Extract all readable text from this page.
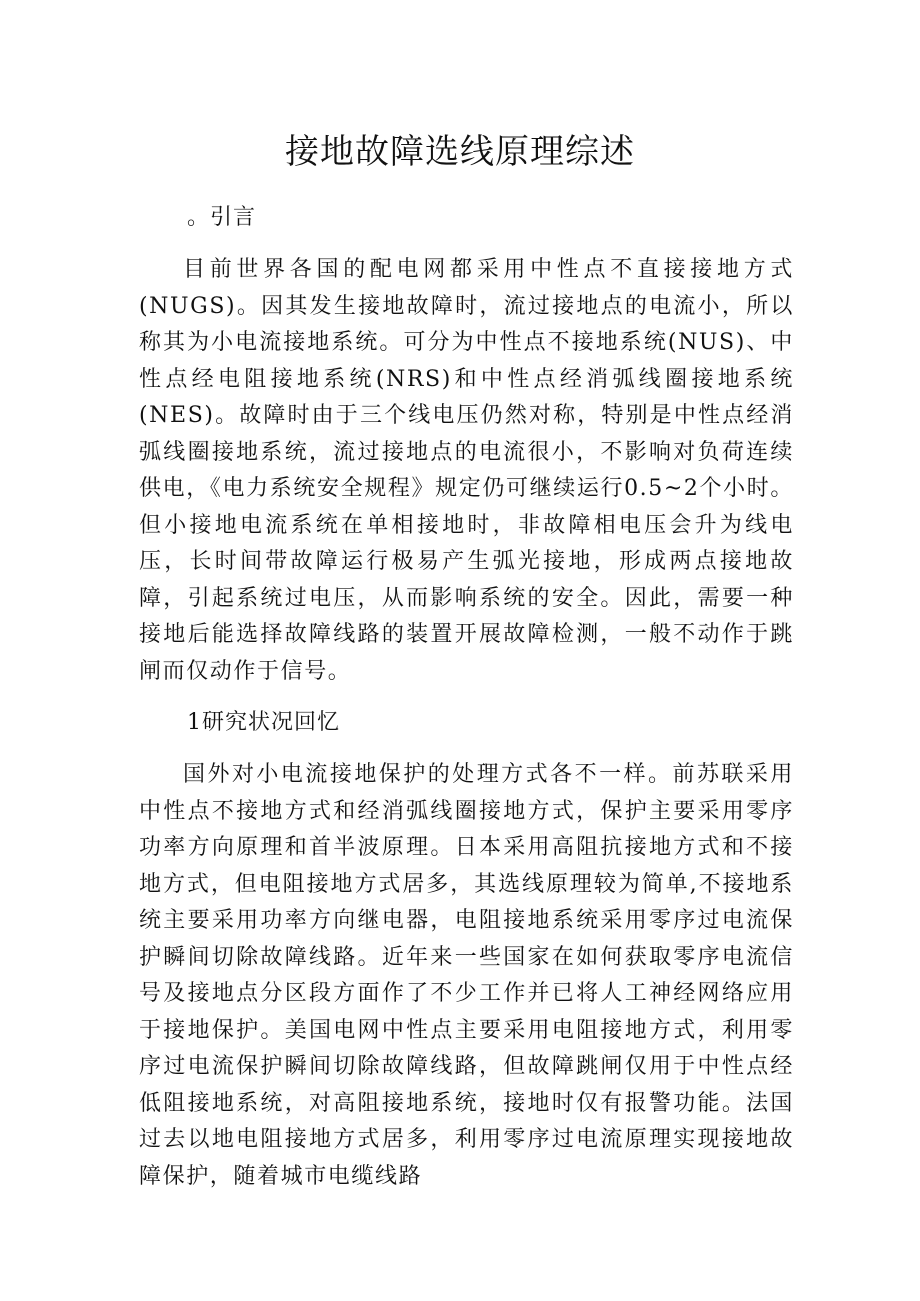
接地故障选线原理综述
。引言

目前世界各国的配电网都采用中性点不直接接地方式(NUGS)。因其发生接地故障时，流过接地点的电流小，所以称其为小电流接地系统。可分为中性点不接地系统(NUS)、中性点经电阻接地系统(NRS)和中性点经消弧线圈接地系统(NES)。故障时由于三个线电压仍然对称，特别是中性点经消弧线圈接地系统，流过接地点的电流很小，不影响对负荷连续供电，《电力系统安全规程》规定仍可继续运行0.5~2个小时。但小接地电流系统在单相接地时，非故障相电压会升为线电压，长时间带故障运行极易产生弧光接地，形成两点接地故障，引起系统过电压，从而影响系统的安全。因此，需要一种接地后能选择故障线路的装置开展故障检测，一般不动作于跳闸而仅动作于信号。

1研究状况回忆

国外对小电流接地保护的处理方式各不一样。前苏联采用中性点不接地方式和经消弧线圈接地方式，保护主要采用零序功率方向原理和首半波原理。日本采用高阻抗接地方式和不接地方式，但电阻接地方式居多，其选线原理较为简单,不接地系统主要采用功率方向继电器，电阻接地系统采用零序过电流保护瞬间切除故障线路。近年来一些国家在如何获取零序电流信号及接地点分区段方面作了不少工作并已将人工神经网络应用于接地保护。美国电网中性点主要采用电阻接地方式，利用零序过电流保护瞬间切除故障线路，但故障跳闸仅用于中性点经低阻接地系统，对高阻接地系统，接地时仅有报警功能。法国过去以地电阻接地方式居多，利用零序过电流原理实现接地故障保护，随着城市电缆线路
